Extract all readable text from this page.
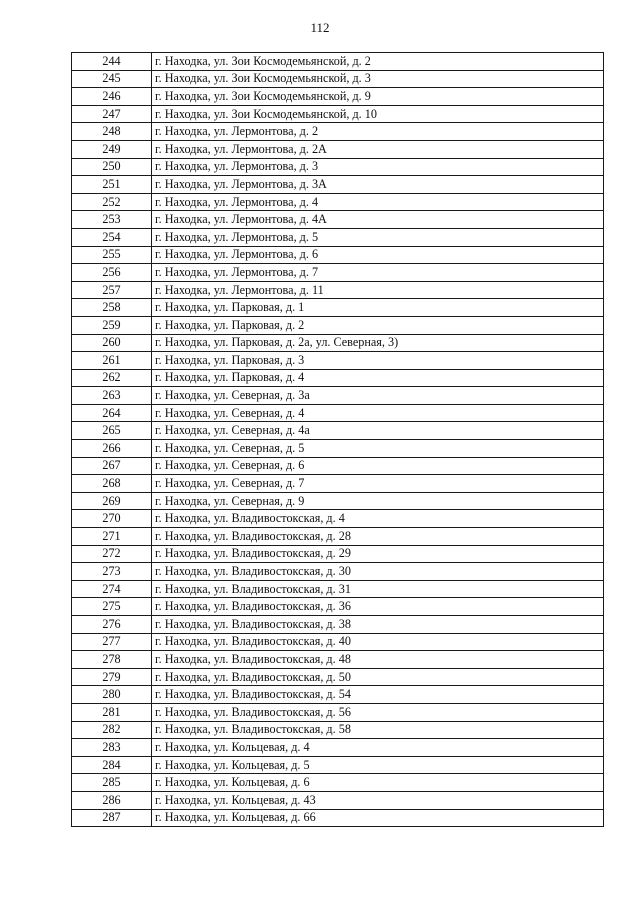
112
244	г. Находка, ул. Зои Космодемьянской, д. 2
245	г. Находка, ул. Зои Космодемьянской, д. 3
246	г. Находка, ул. Зои Космодемьянской, д. 9
247	г. Находка, ул. Зои Космодемьянской, д. 10
248	г. Находка, ул. Лермонтова, д. 2
249	г. Находка, ул. Лермонтова, д. 2А
250	г. Находка, ул. Лермонтова, д. 3
251	г. Находка, ул. Лермонтова, д. 3А
252	г. Находка, ул. Лермонтова, д. 4
253	г. Находка, ул. Лермонтова, д. 4А
254	г. Находка, ул. Лермонтова, д. 5
255	г. Находка, ул. Лермонтова, д. 6
256	г. Находка, ул. Лермонтова, д. 7
257	г. Находка, ул. Лермонтова, д. 11
258	г. Находка, ул. Парковая, д. 1
259	г. Находка, ул. Парковая, д. 2
260	г. Находка, ул. Парковая, д. 2а, ул. Северная, 3)
261	г. Находка, ул. Парковая, д. 3
262	г. Находка, ул. Парковая, д. 4
263	г. Находка, ул. Северная, д. 3а
264	г. Находка, ул. Северная, д. 4
265	г. Находка, ул. Северная, д. 4а
266	г. Находка, ул. Северная, д. 5
267	г. Находка, ул. Северная, д. 6
268	г. Находка, ул. Северная, д. 7
269	г. Находка, ул. Северная, д. 9
270	г. Находка, ул. Владивостокская, д. 4
271	г. Находка, ул. Владивостокская, д. 28
272	г. Находка, ул. Владивостокская, д. 29
273	г. Находка, ул. Владивостокская, д. 30
274	г. Находка, ул. Владивостокская, д. 31
275	г. Находка, ул. Владивостокская, д. 36
276	г. Находка, ул. Владивостокская, д. 38
277	г. Находка, ул. Владивостокская, д. 40
278	г. Находка, ул. Владивостокская, д. 48
279	г. Находка, ул. Владивостокская, д. 50
280	г. Находка, ул. Владивостокская, д. 54
281	г. Находка, ул. Владивостокская, д. 56
282	г. Находка, ул. Владивостокская, д. 58
283	г. Находка, ул. Кольцевая, д. 4
284	г. Находка, ул. Кольцевая, д. 5
285	г. Находка, ул. Кольцевая, д. 6
286	г. Находка, ул. Кольцевая, д. 43
287	г. Находка, ул. Кольцевая, д. 66
